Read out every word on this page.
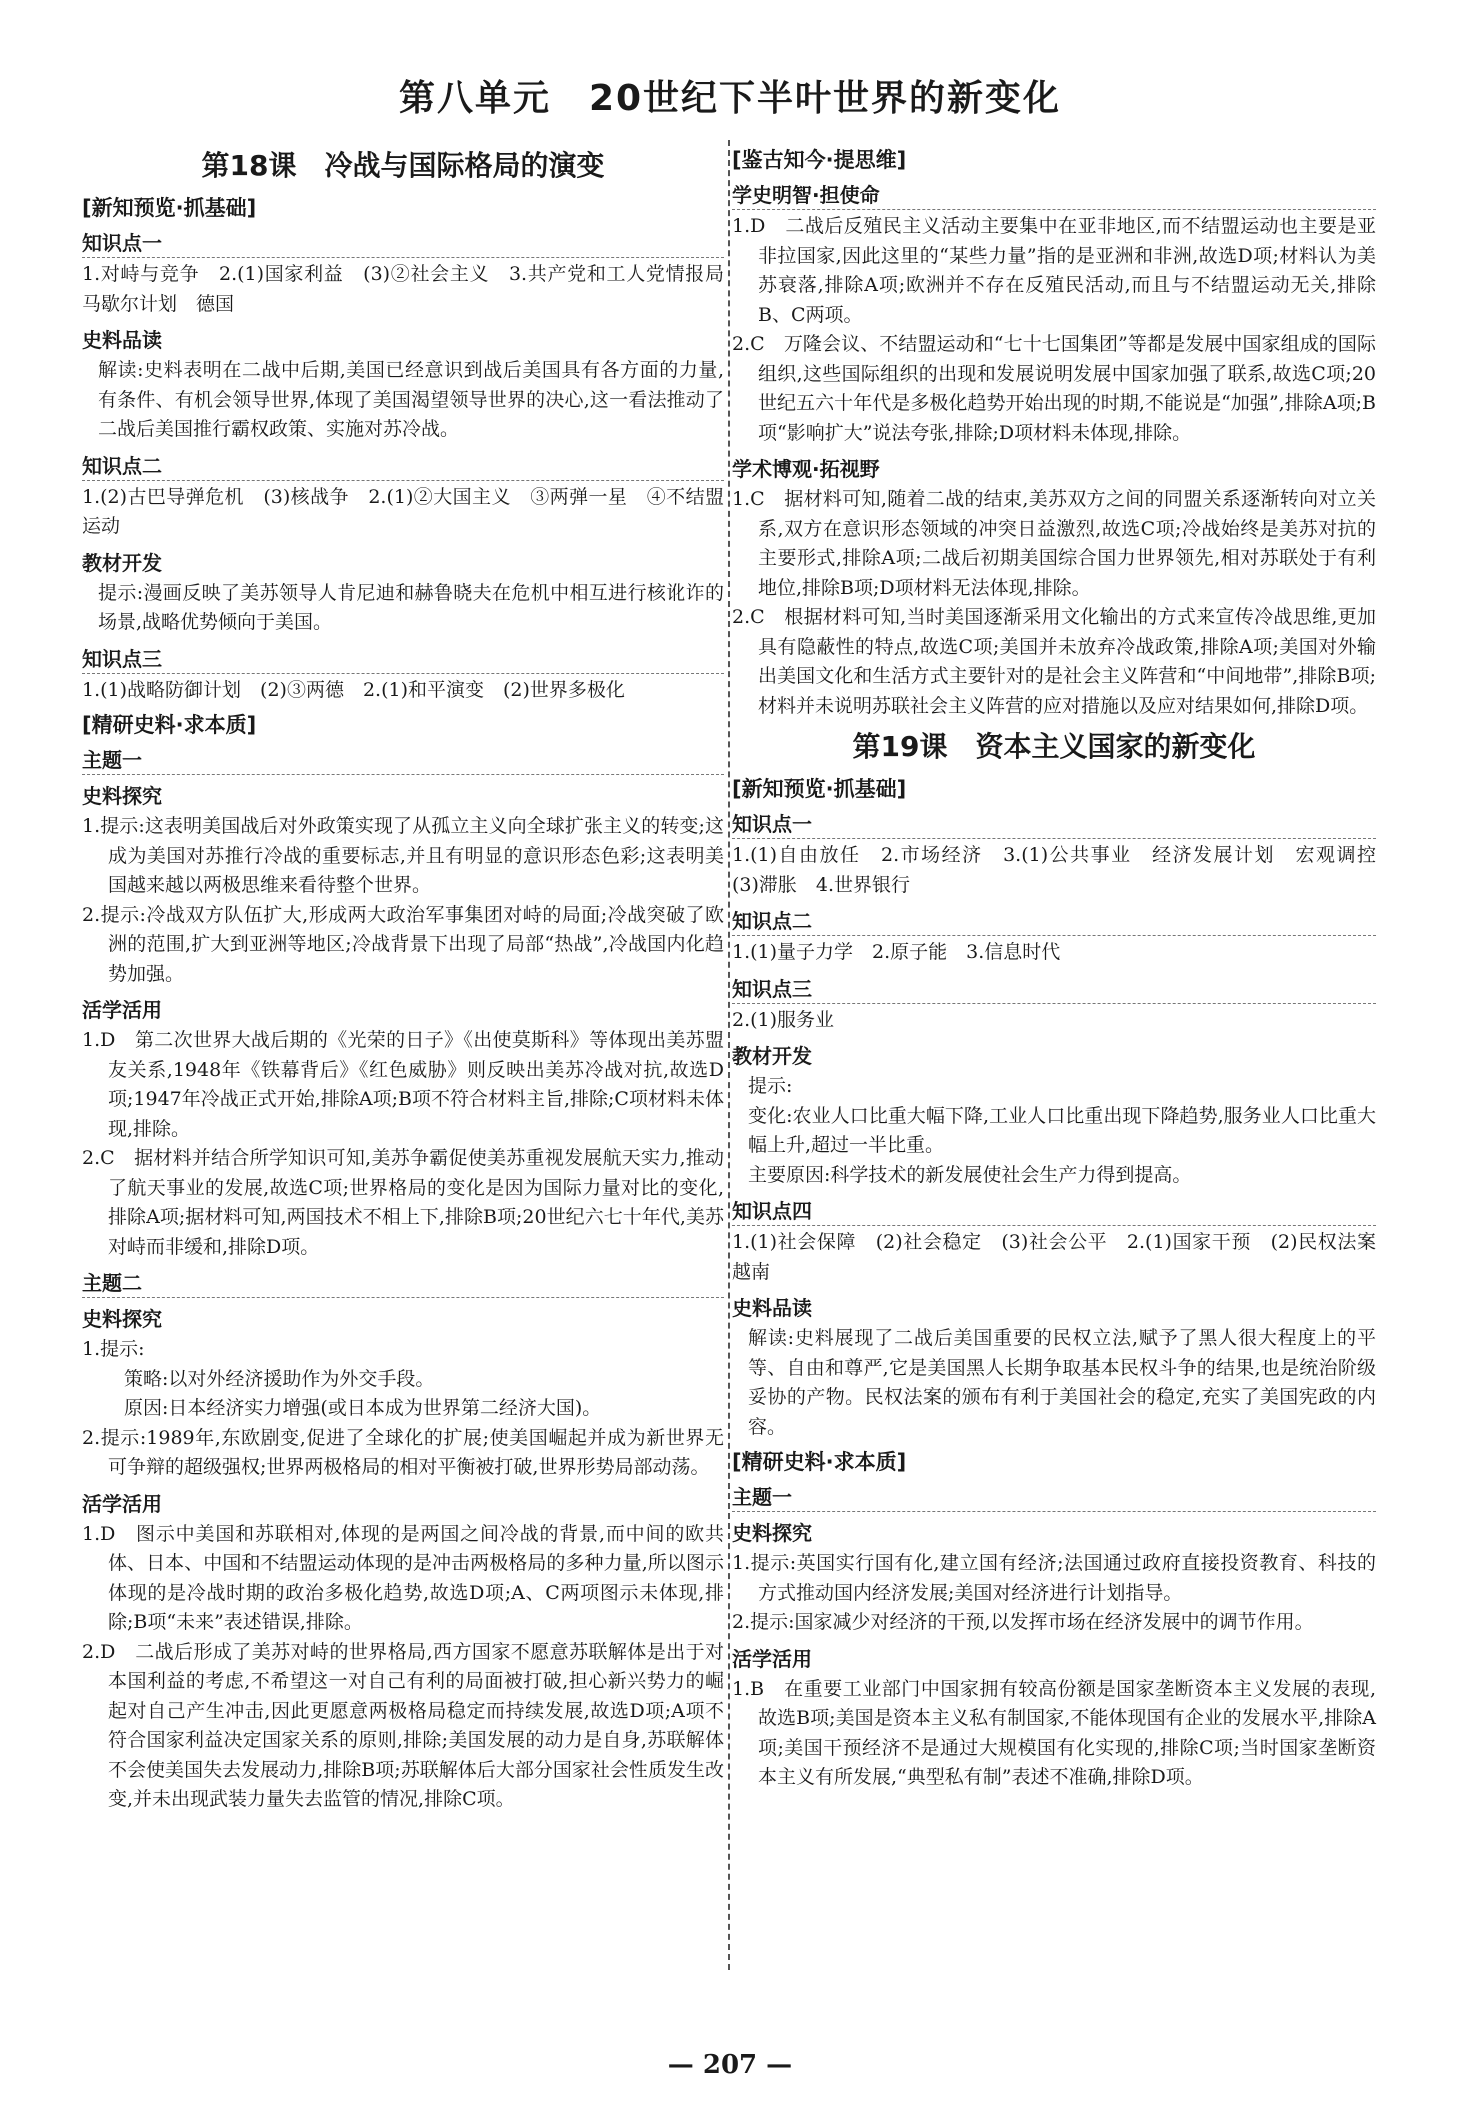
第八单元　20世纪下半叶世界的新变化
第18课　冷战与国际格局的演变
[新知预览·抓基础]
知识点一

1.对峙与竞争　2.(1)国家利益　(3)②社会主义　3.共产党和工人党情报局　马歇尔计划　德国

史料品读

解读:史料表明在二战中后期,美国已经意识到战后美国具有各方面的力量,有条件、有机会领导世界,体现了美国渴望领导世界的决心,这一看法推动了二战后美国推行霸权政策、实施对苏冷战。

知识点二

1.(2)古巴导弹危机　(3)核战争　2.(1)②大国主义　③两弹一星　④不结盟运动

教材开发

提示:漫画反映了美苏领导人肯尼迪和赫鲁晓夫在危机中相互进行核讹诈的场景,战略优势倾向于美国。

知识点三

1.(1)战略防御计划　(2)③两德　2.(1)和平演变　(2)世界多极化

[精研史料·求本质]
主题一
史料探究

1.提示:这表明美国战后对外政策实现了从孤立主义向全球扩张主义的转变;这成为美国对苏推行冷战的重要标志,并且有明显的意识形态色彩;这表明美国越来越以两极思维来看待整个世界。

2.提示:冷战双方队伍扩大,形成两大政治军事集团对峙的局面;冷战突破了欧洲的范围,扩大到亚洲等地区;冷战背景下出现了局部“热战”,冷战国内化趋势加强。

活学活用

1.D　第二次世界大战后期的《光荣的日子》《出使莫斯科》等体现出美苏盟友关系,1948年《铁幕背后》《红色威胁》则反映出美苏冷战对抗,故选D项;1947年冷战正式开始,排除A项;B项不符合材料主旨,排除;C项材料未体现,排除。

2.C　据材料并结合所学知识可知,美苏争霸促使美苏重视发展航天实力,推动了航天事业的发展,故选C项;世界格局的变化是因为国际力量对比的变化,排除A项;据材料可知,两国技术不相上下,排除B项;20世纪六七十年代,美苏对峙而非缓和,排除D项。

主题二
史料探究

1.提示:

策略:以对外经济援助作为外交手段。

原因:日本经济实力增强(或日本成为世界第二经济大国)。

2.提示:1989年,东欧剧变,促进了全球化的扩展;使美国崛起并成为新世界无可争辩的超级强权;世界两极格局的相对平衡被打破,世界形势局部动荡。

活学活用

1.D　图示中美国和苏联相对,体现的是两国之间冷战的背景,而中间的欧共体、日本、中国和不结盟运动体现的是冲击两极格局的多种力量,所以图示体现的是冷战时期的政治多极化趋势,故选D项;A、C两项图示未体现,排除;B项“未来”表述错误,排除。

2.D　二战后形成了美苏对峙的世界格局,西方国家不愿意苏联解体是出于对本国利益的考虑,不希望这一对自己有利的局面被打破,担心新兴势力的崛起对自己产生冲击,因此更愿意两极格局稳定而持续发展,故选D项;A项不符合国家利益决定国家关系的原则,排除;美国发展的动力是自身,苏联解体不会使美国失去发展动力,排除B项;苏联解体后大部分国家社会性质发生改变,并未出现武装力量失去监管的情况,排除C项。

[鉴古知今·提思维]
学史明智·担使命

1.D　二战后反殖民主义活动主要集中在亚非地区,而不结盟运动也主要是亚非拉国家,因此这里的“某些力量”指的是亚洲和非洲,故选D项;材料认为美苏衰落,排除A项;欧洲并不存在反殖民活动,而且与不结盟运动无关,排除B、C两项。

2.C　万隆会议、不结盟运动和“七十七国集团”等都是发展中国家组成的国际组织,这些国际组织的出现和发展说明发展中国家加强了联系,故选C项;20世纪五六十年代是多极化趋势开始出现的时期,不能说是“加强”,排除A项;B项“影响扩大”说法夸张,排除;D项材料未体现,排除。

学术博观·拓视野

1.C　据材料可知,随着二战的结束,美苏双方之间的同盟关系逐渐转向对立关系,双方在意识形态领域的冲突日益激烈,故选C项;冷战始终是美苏对抗的主要形式,排除A项;二战后初期美国综合国力世界领先,相对苏联处于有利地位,排除B项;D项材料无法体现,排除。

2.C　根据材料可知,当时美国逐渐采用文化输出的方式来宣传冷战思维,更加具有隐蔽性的特点,故选C项;美国并未放弃冷战政策,排除A项;美国对外输出美国文化和生活方式主要针对的是社会主义阵营和“中间地带”,排除B项;材料并未说明苏联社会主义阵营的应对措施以及应对结果如何,排除D项。

第19课　资本主义国家的新变化
[新知预览·抓基础]
知识点一

1.(1)自由放任　2.市场经济　3.(1)公共事业　经济发展计划　宏观调控　(3)滞胀　4.世界银行

知识点二

1.(1)量子力学　2.原子能　3.信息时代

知识点三

2.(1)服务业

教材开发

提示:

变化:农业人口比重大幅下降,工业人口比重出现下降趋势,服务业人口比重大幅上升,超过一半比重。

主要原因:科学技术的新发展使社会生产力得到提高。

知识点四

1.(1)社会保障　(2)社会稳定　(3)社会公平　2.(1)国家干预　(2)民权法案　越南

史料品读

解读:史料展现了二战后美国重要的民权立法,赋予了黑人很大程度上的平等、自由和尊严,它是美国黑人长期争取基本民权斗争的结果,也是统治阶级妥协的产物。民权法案的颁布有利于美国社会的稳定,充实了美国宪政的内容。

[精研史料·求本质]
主题一
史料探究

1.提示:英国实行国有化,建立国有经济;法国通过政府直接投资教育、科技的方式推动国内经济发展;美国对经济进行计划指导。

2.提示:国家减少对经济的干预,以发挥市场在经济发展中的调节作用。

活学活用

1.B　在重要工业部门中国家拥有较高份额是国家垄断资本主义发展的表现,故选B项;美国是资本主义私有制国家,不能体现国有企业的发展水平,排除A项;美国干预经济不是通过大规模国有化实现的,排除C项;当时国家垄断资本主义有所发展,“典型私有制”表述不准确,排除D项。

— 207 —
